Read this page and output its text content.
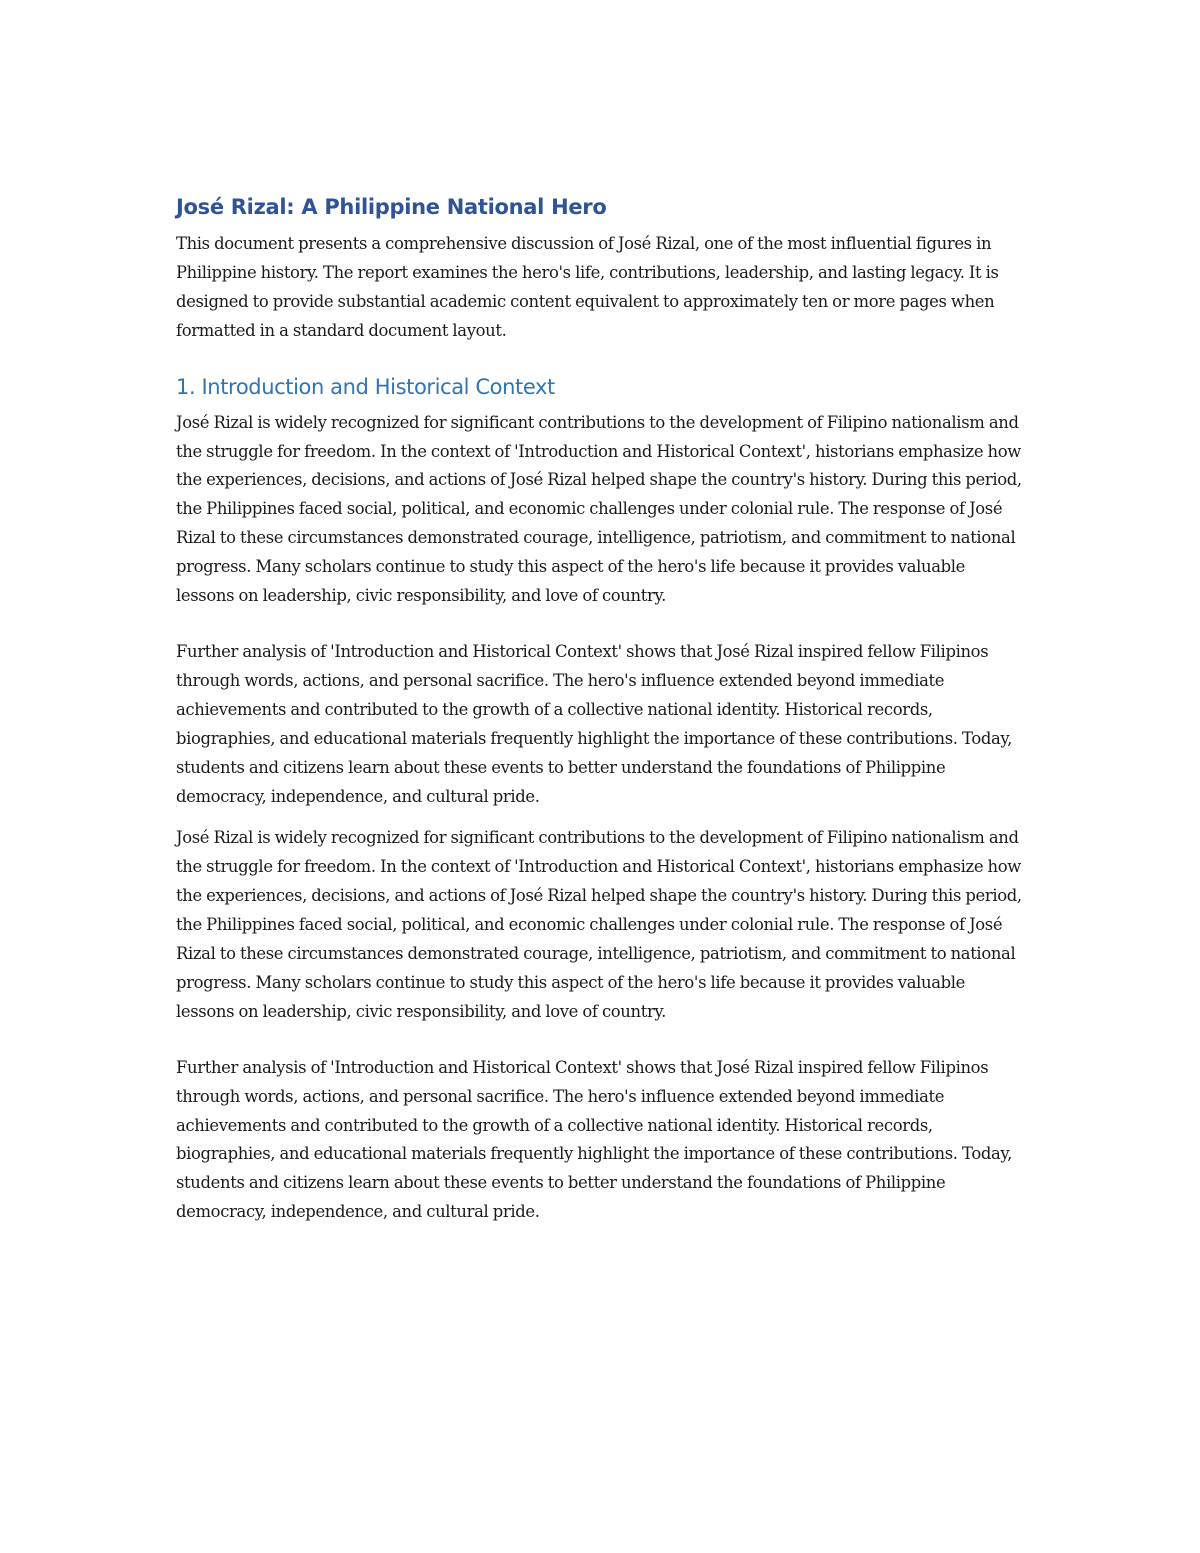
José Rizal: A Philippine National Hero

This document presents a comprehensive discussion of José Rizal, one of the most influential figures in Philippine history. The report examines the hero's life, contributions, leadership, and lasting legacy. It is designed to provide substantial academic content equivalent to approximately ten or more pages when formatted in a standard document layout.

1. Introduction and Historical Context

José Rizal is widely recognized for significant contributions to the development of Filipino nationalism and the struggle for freedom. In the context of 'Introduction and Historical Context', historians emphasize how the experiences, decisions, and actions of José Rizal helped shape the country's history. During this period, the Philippines faced social, political, and economic challenges under colonial rule. The response of José Rizal to these circumstances demonstrated courage, intelligence, patriotism, and commitment to national progress. Many scholars continue to study this aspect of the hero's life because it provides valuable lessons on leadership, civic responsibility, and love of country.

Further analysis of 'Introduction and Historical Context' shows that José Rizal inspired fellow Filipinos through words, actions, and personal sacrifice. The hero's influence extended beyond immediate achievements and contributed to the growth of a collective national identity. Historical records, biographies, and educational materials frequently highlight the importance of these contributions. Today, students and citizens learn about these events to better understand the foundations of Philippine democracy, independence, and cultural pride.

José Rizal is widely recognized for significant contributions to the development of Filipino nationalism and the struggle for freedom. In the context of 'Introduction and Historical Context', historians emphasize how the experiences, decisions, and actions of José Rizal helped shape the country's history. During this period, the Philippines faced social, political, and economic challenges under colonial rule. The response of José Rizal to these circumstances demonstrated courage, intelligence, patriotism, and commitment to national progress. Many scholars continue to study this aspect of the hero's life because it provides valuable lessons on leadership, civic responsibility, and love of country.

Further analysis of 'Introduction and Historical Context' shows that José Rizal inspired fellow Filipinos through words, actions, and personal sacrifice. The hero's influence extended beyond immediate achievements and contributed to the growth of a collective national identity. Historical records, biographies, and educational materials frequently highlight the importance of these contributions. Today, students and citizens learn about these events to better understand the foundations of Philippine democracy, independence, and cultural pride.
